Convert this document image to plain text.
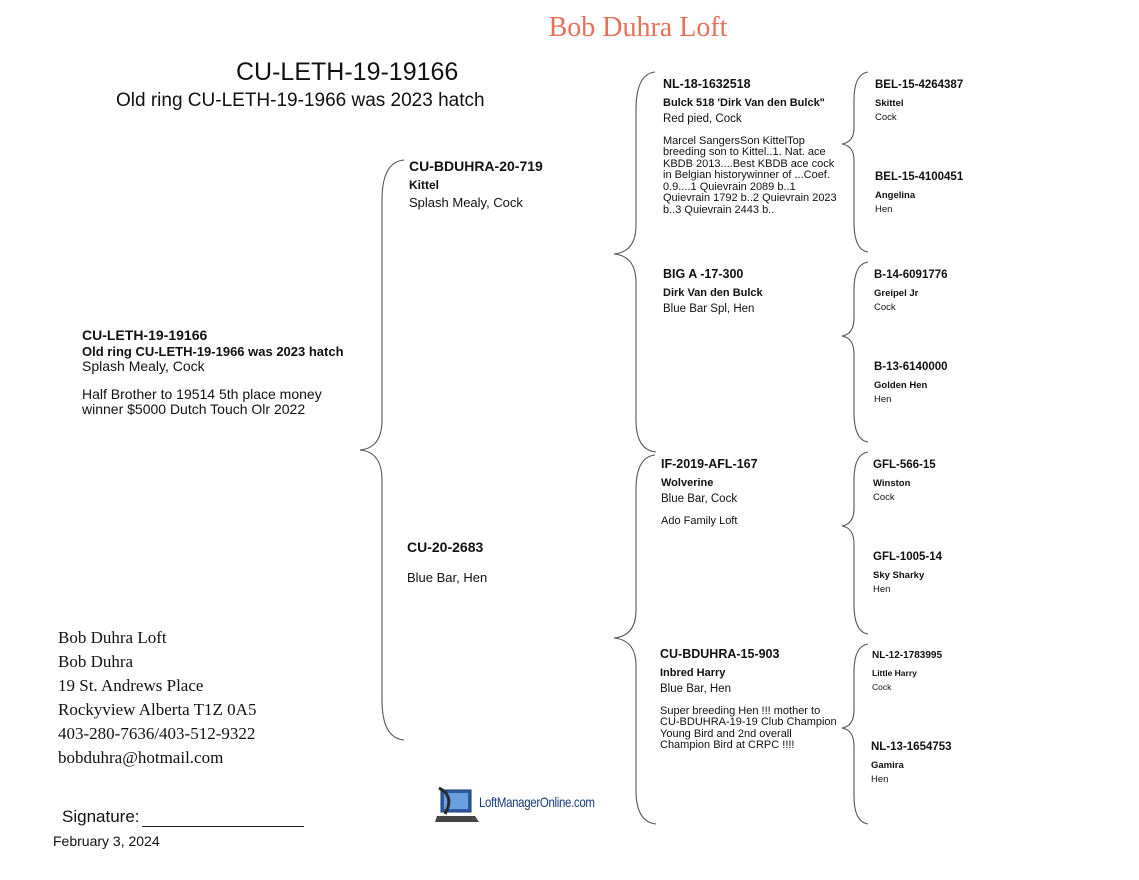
Bob Duhra Loft
CU-LETH-19-19166
Old ring CU-LETH-19-1966 was 2023 hatch
CU-LETH-19-19166
Old ring CU-LETH-19-1966 was 2023 hatch
Splash Mealy, Cock
Half Brother to 19514 5th place money winner $5000 Dutch Touch Olr 2022
CU-BDUHRA-20-719
Kittel
Splash Mealy, Cock
CU-20-2683

Blue Bar, Hen
NL-18-1632518
Bulck 518 'Dirk Van den Bulck"
Red pied, Cock
Marcel SangersSon KittelTop breeding son to Kittel..1. Nat. ace KBDB 2013....Best KBDB ace cock in Belgian historywinner of ...Coef. 0.9....1 Quievrain 2089 b..1 Quievrain 1792 b..2 Quievrain 2023 b..3 Quievrain 2443 b..
BIG A -17-300
Dirk Van den Bulck
Blue Bar Spl, Hen
IF-2019-AFL-167
Wolverine
Blue Bar, Cock
Ado Family Loft
CU-BDUHRA-15-903
Inbred Harry
Blue Bar, Hen
Super breeding Hen !!! mother to CU-BDUHRA-19-19 Club Champion Young Bird and 2nd overall Champion Bird at CRPC !!!!
BEL-15-4264387
Skittel
Cock
BEL-15-4100451
Angelina
Hen
B-14-6091776
Greipel Jr
Cock
B-13-6140000
Golden Hen
Hen
GFL-566-15
Winston
Cock
GFL-1005-14
Sky Sharky
Hen
NL-12-1783995
Little Harry
Cock
NL-13-1654753
Gamira
Hen
Bob Duhra Loft
Bob Duhra
19 St. Andrews Place
Rockyview Alberta T1Z 0A5
403-280-7636/403-512-9322
bobduhra@hotmail.com
Signature:
February 3, 2024
LoftManagerOnline.com
